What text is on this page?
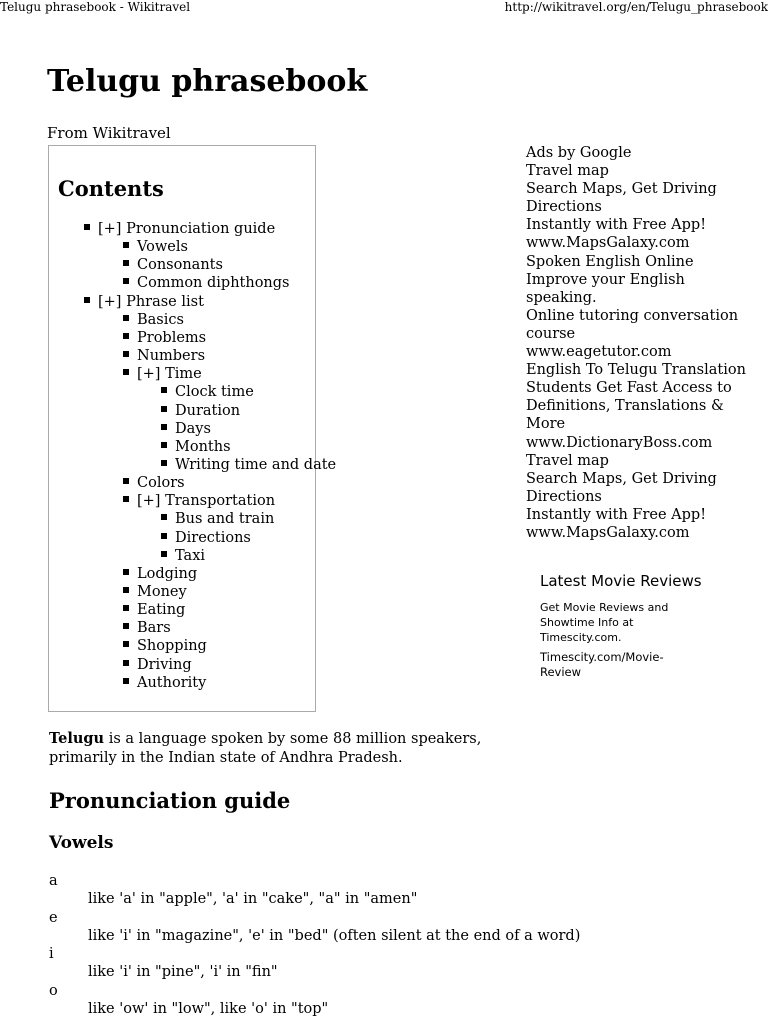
Telugu phrasebook - Wikitravel	http://wikitravel.org/en/Telugu_phrasebook
Telugu phrasebook
From Wikitravel
Contents
[+] Pronunciation guide
Vowels
Consonants
Common diphthongs
[+] Phrase list
Basics
Problems
Numbers
[+] Time
Clock time
Duration
Days
Months
Writing time and date
Colors
[+] Transportation
Bus and train
Directions
Taxi
Lodging
Money
Eating
Bars
Shopping
Driving
Authority
Ads by Google
Travel map
Search Maps, Get Driving
Directions
Instantly with Free App!
www.MapsGalaxy.com
Spoken English Online
Improve your English
speaking.
Online tutoring conversation
course
www.eagetutor.com
English To Telugu Translation
Students Get Fast Access to
Definitions, Translations &
More
www.DictionaryBoss.com
Travel map
Search Maps, Get Driving
Directions
Instantly with Free App!
www.MapsGalaxy.com
Latest Movie Reviews
Get Movie Reviews and
Showtime Info at
Timescity.com.
Timescity.com/Movie-
Review
Telugu is a language spoken by some 88 million speakers, primarily in the Indian state of Andhra Pradesh.
Pronunciation guide
Vowels
a
like 'a' in "apple", 'a' in "cake", "a" in "amen"
e
like 'i' in "magazine", 'e' in "bed" (often silent at the end of a word)
i
like 'i' in "pine", 'i' in "fin"
o
like 'ow' in "low", like 'o' in "top"
